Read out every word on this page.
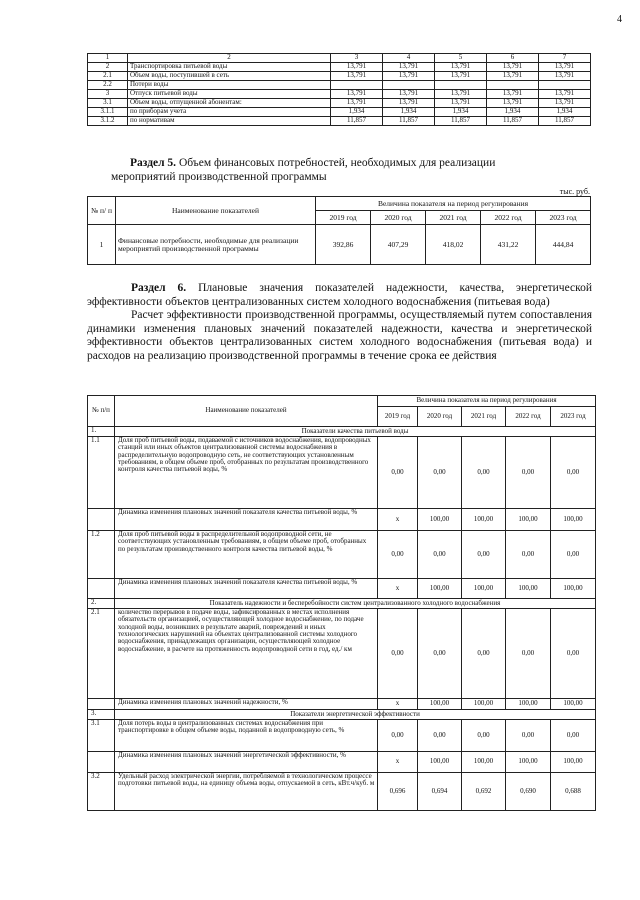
4
1	2	3	4	5	6	7
2	Транспортировка питьевой воды	13,791	13,791	13,791	13,791	13,791
2.1	Объем воды, поступившей в сеть	13,791	13,791	13,791	13,791	13,791
2.2	Потери воды					
3	Отпуск питьевой воды	13,791	13,791	13,791	13,791	13,791
3.1	Объем воды, отпущенной абонентам:	13,791	13,791	13,791	13,791	13,791
3.1.1	по приборам учета	1,934	1,934	1,934	1,934	1,934
3.1.2	по нормативам	11,857	11,857	11,857	11,857	11,857
Раздел 5. Объем финансовых потребностей, необходимых для реализации
мероприятий производственной программы
тыс. руб.
№ п/ п	Наименование показателей	Величина показателя на период регулирования				
		2019 год	2020 год	2021 год	2022 год	2023 год
1	Финансовые потребности, необходимые для реализации мероприятий производственной программы	392,86	407,29	418,02	431,22	444,84

Раздел 6. Плановые значения показателей надежности, качества, энергетической эффективности объектов централизованных систем холодного водоснабжения (питьевая вода)

Расчет эффективности производственной программы, осуществляемый путем сопоставления динамики изменения плановых значений показателей надежности, качества и энергетической эффективности объектов централизованных систем холодного водоснабжения (питьевая вода) и расходов на реализацию производственной программы в течение срока ее действия

№ п/п	Наименование показателей	Величина показателя на период регулирования				
		2019 год	2020 год	2021 год	2022 год	2023 год
1.	Показатели качества питьевой воды					
1.1	Доля проб питьевой воды, подаваемой с источников водоснабжения, водопроводных станций или иных объектов централизованной системы водоснабжения в распределительную водопроводную сеть, не соответствующих установленным требованиям, в общем объеме проб, отобранных по результатам производственного контроля качества питьевой воды, %	0,00	0,00	0,00	0,00	0,00
	Динамика изменения плановых значений показателя качества питьевой воды, %	х	100,00	100,00	100,00	100,00
1.2	Доля проб питьевой воды в распределительной водопроводной сети, не соответствующих установленным требованиям, в общем объеме проб, отобранных по результатам производственного контроля качества питьевой воды, %	0,00	0,00	0,00	0,00	0,00
	Динамика изменения плановых значений показателя качества питьевой воды, %	х	100,00	100,00	100,00	100,00
2.	Показатель надежности и бесперебойности систем централизованного холодного водоснабжения					
2.1	количество перерывов в подаче воды, зафиксированных в местах исполнения обязательств организацией, осуществляющей холодное водоснабжение, по подаче холодной воды, возникших в результате аварий, повреждений и иных технологических нарушений на объектах централизованной системы холодного водоснабжения, принадлежащих организации, осуществляющей холодное водоснабжение, в расчете на протяженность водопроводной сети в год, ед./ км	0,00	0,00	0,00	0,00	0,00
	Динамика изменения плановых значений надежности, %	х	100,00	100,00	100,00	100,00
3.	Показатели энергетической эффективности					
3.1	Доля потерь воды в централизованных системах водоснабжения при транспортировке в общем объеме воды, поданной в водопроводную сеть, %	0,00	0,00	0,00	0,00	0,00
	Динамика изменения плановых значений энергетической эффективности, %	х	100,00	100,00	100,00	100,00
3.2	Удельный расход электрической энергии, потребляемой в технологическом процессе подготовки питьевой воды, на единицу объема воды, отпускаемой в сеть, кВт.ч/куб. м	0,696	0,694	0,692	0,690	0,688
